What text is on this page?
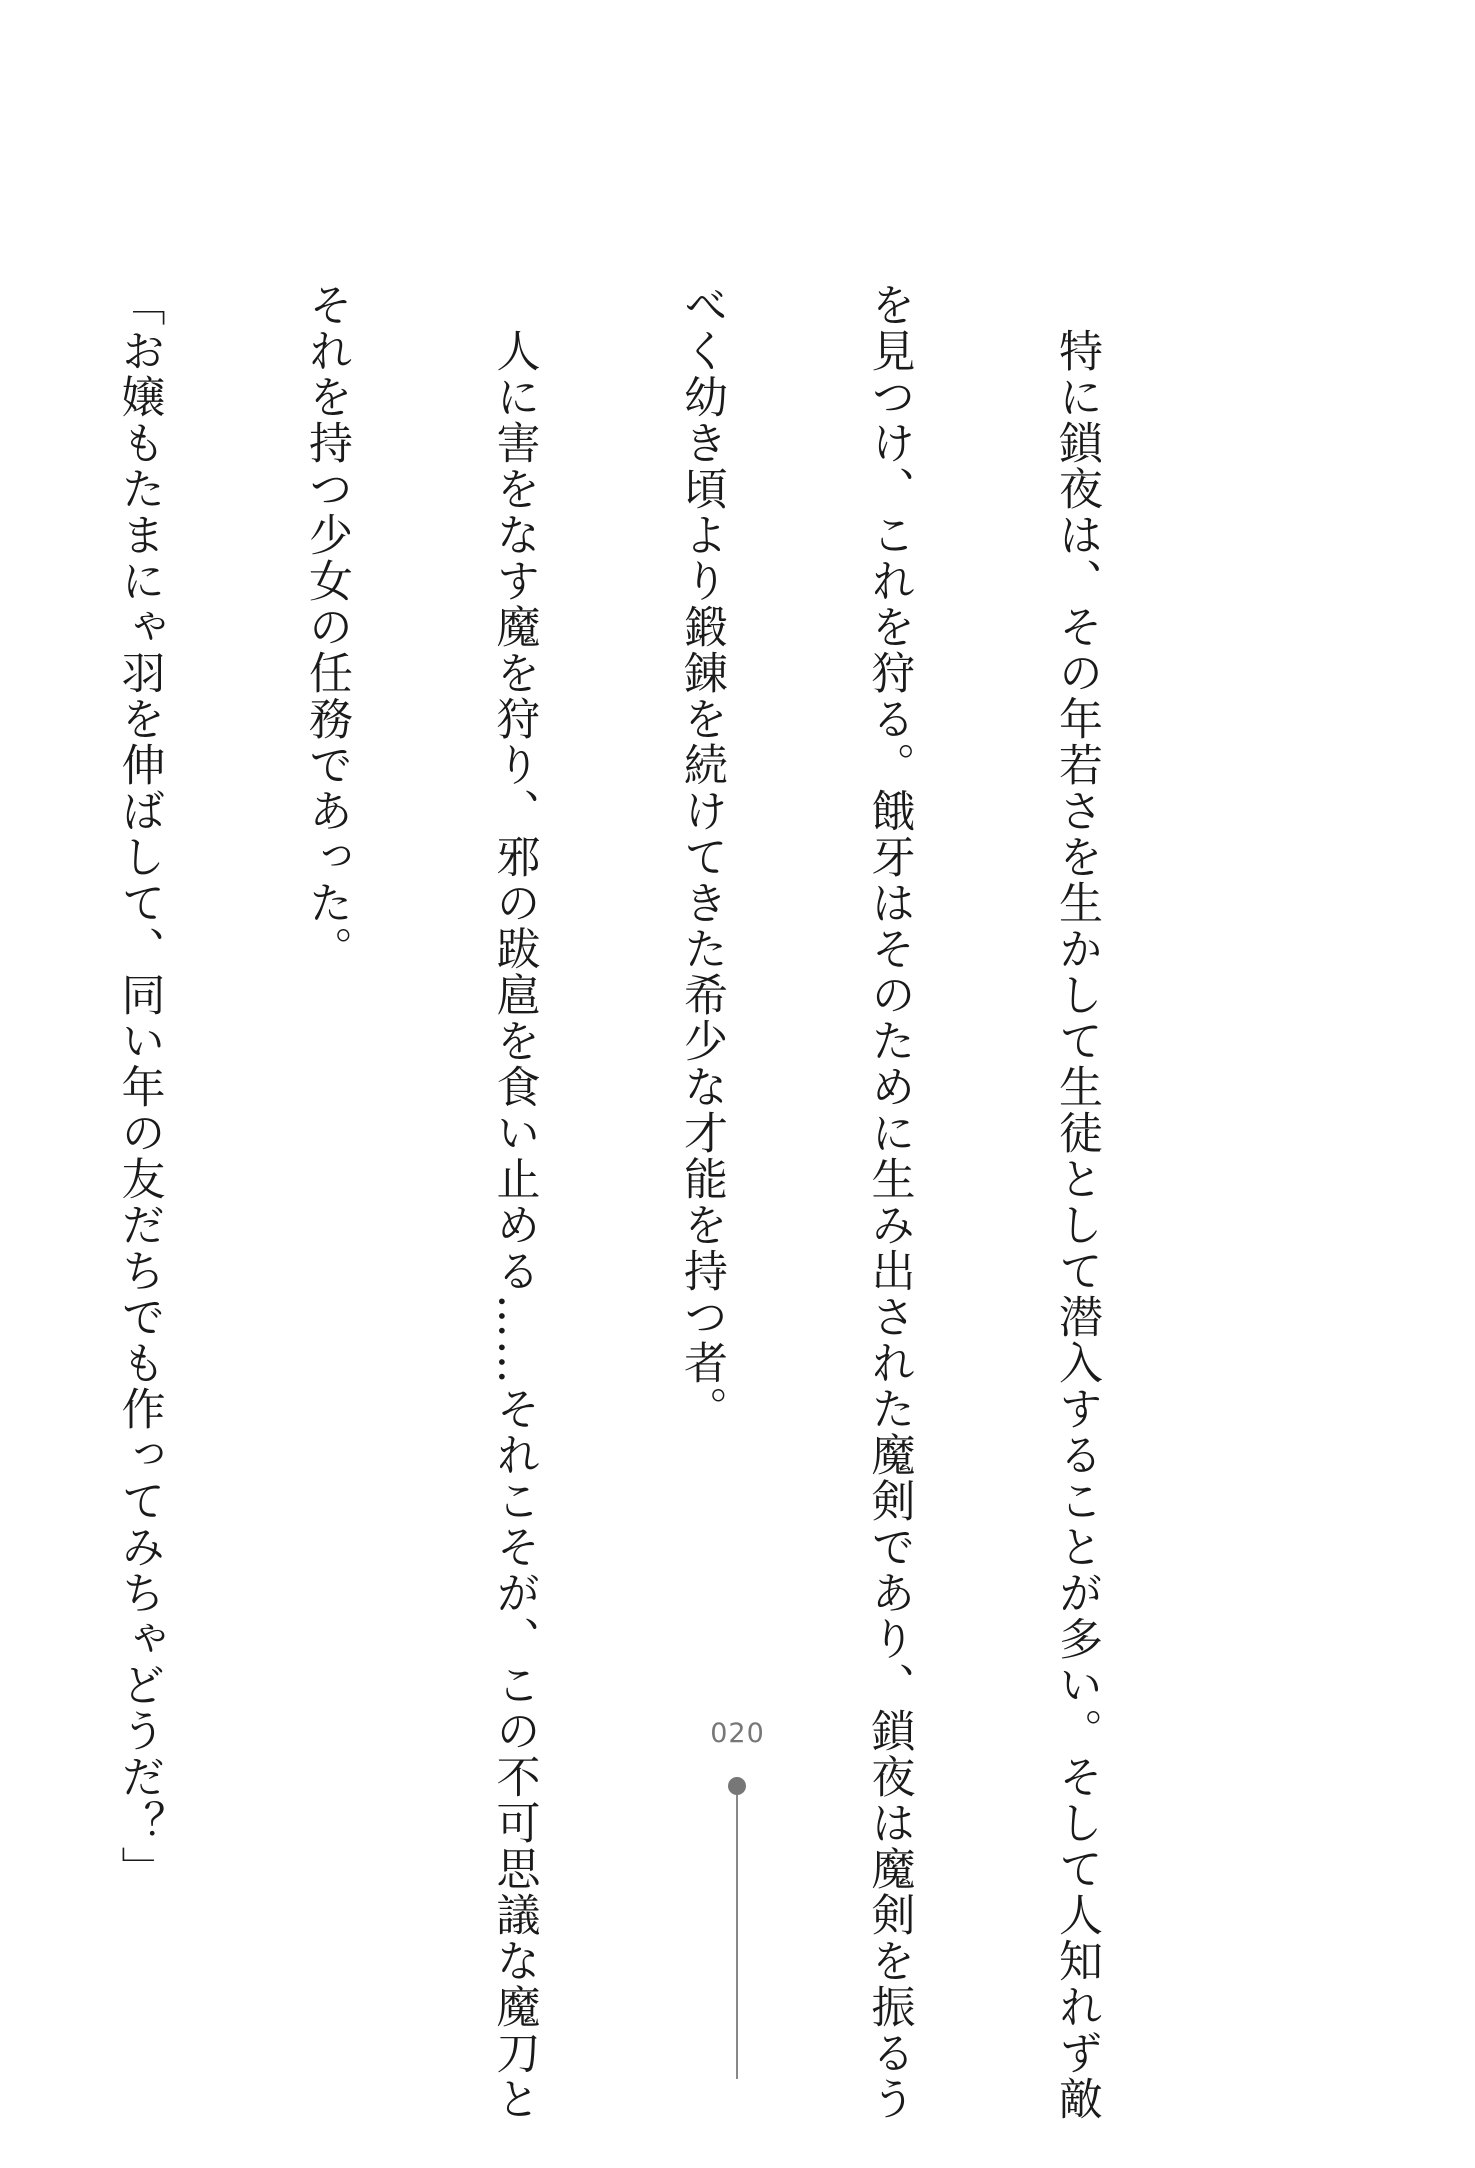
　特に鎖夜は、その年若さを生かして生徒として潜入することが多い。そして人知れず敵

を見つけ、これを狩る。餓牙はそのために生み出された魔剣であり、鎖夜は魔剣を振るう

べく幼き頃より鍛錬を続けてきた希少な才能を持つ者。

　人に害をなす魔を狩り、邪の跋扈を食い止める……それこそが、この不可思議な魔刀と

それを持つ少女の任務であった。

「お嬢もたまにゃ羽を伸ばして、同い年の友だちでも作ってみちゃどうだ？」

	020
